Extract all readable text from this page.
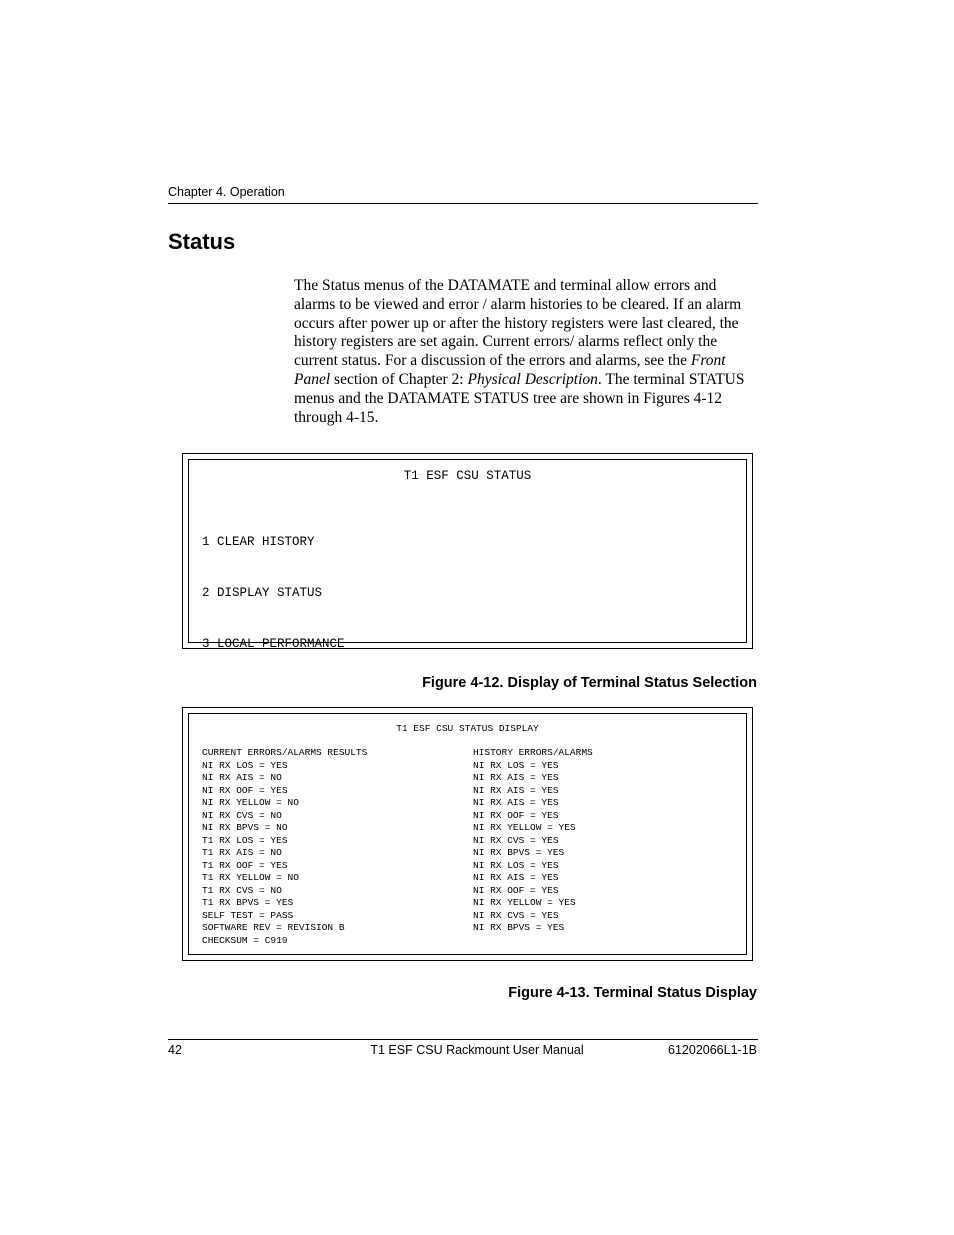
Chapter 4. Operation
Status

The Status menus of the DATAMATE and terminal allow errors and alarms to be viewed and error / alarm histories to be cleared. If an alarm occurs after power up or after the history registers were last cleared, the history registers are set again. Current errors/ alarms reflect only the current status. For a discussion of the errors and alarms, see the Front Panel section of Chapter 2: Physical Description. The terminal STATUS menus and the DATAMATE STATUS tree are shown in Figures 4-12 through 4-15.

T1 ESF CSU STATUS

1 CLEAR HISTORY

2 DISPLAY STATUS

3 LOCAL PERFORMANCE

Figure 4-12. Display of Terminal Status Selection

T1 ESF CSU STATUS DISPLAY
CURRENT ERRORS/ALARMS RESULTS
NI RX LOS = YES
NI RX AIS = NO
NI RX OOF = YES
NI RX YELLOW = NO
NI RX CVS = NO
NI RX BPVS = NO
T1 RX LOS = YES
T1 RX AIS = NO
T1 RX OOF = YES
T1 RX YELLOW = NO
T1 RX CVS = NO
T1 RX BPVS = YES
SELF TEST = PASS
SOFTWARE REV = REVISION B
CHECKSUM = C919
HISTORY ERRORS/ALARMS
NI RX LOS = YES
NI RX AIS = YES
NI RX AIS = YES
NI RX AIS = YES
NI RX OOF = YES
NI RX YELLOW = YES
NI RX CVS = YES
NI RX BPVS = YES
NI RX LOS = YES
NI RX AIS = YES
NI RX OOF = YES
NI RX YELLOW = YES
NI RX CVS = YES
NI RX BPVS = YES

Figure 4-13. Terminal Status Display

42	T1 ESF CSU Rackmount User Manual	61202066L1-1B
